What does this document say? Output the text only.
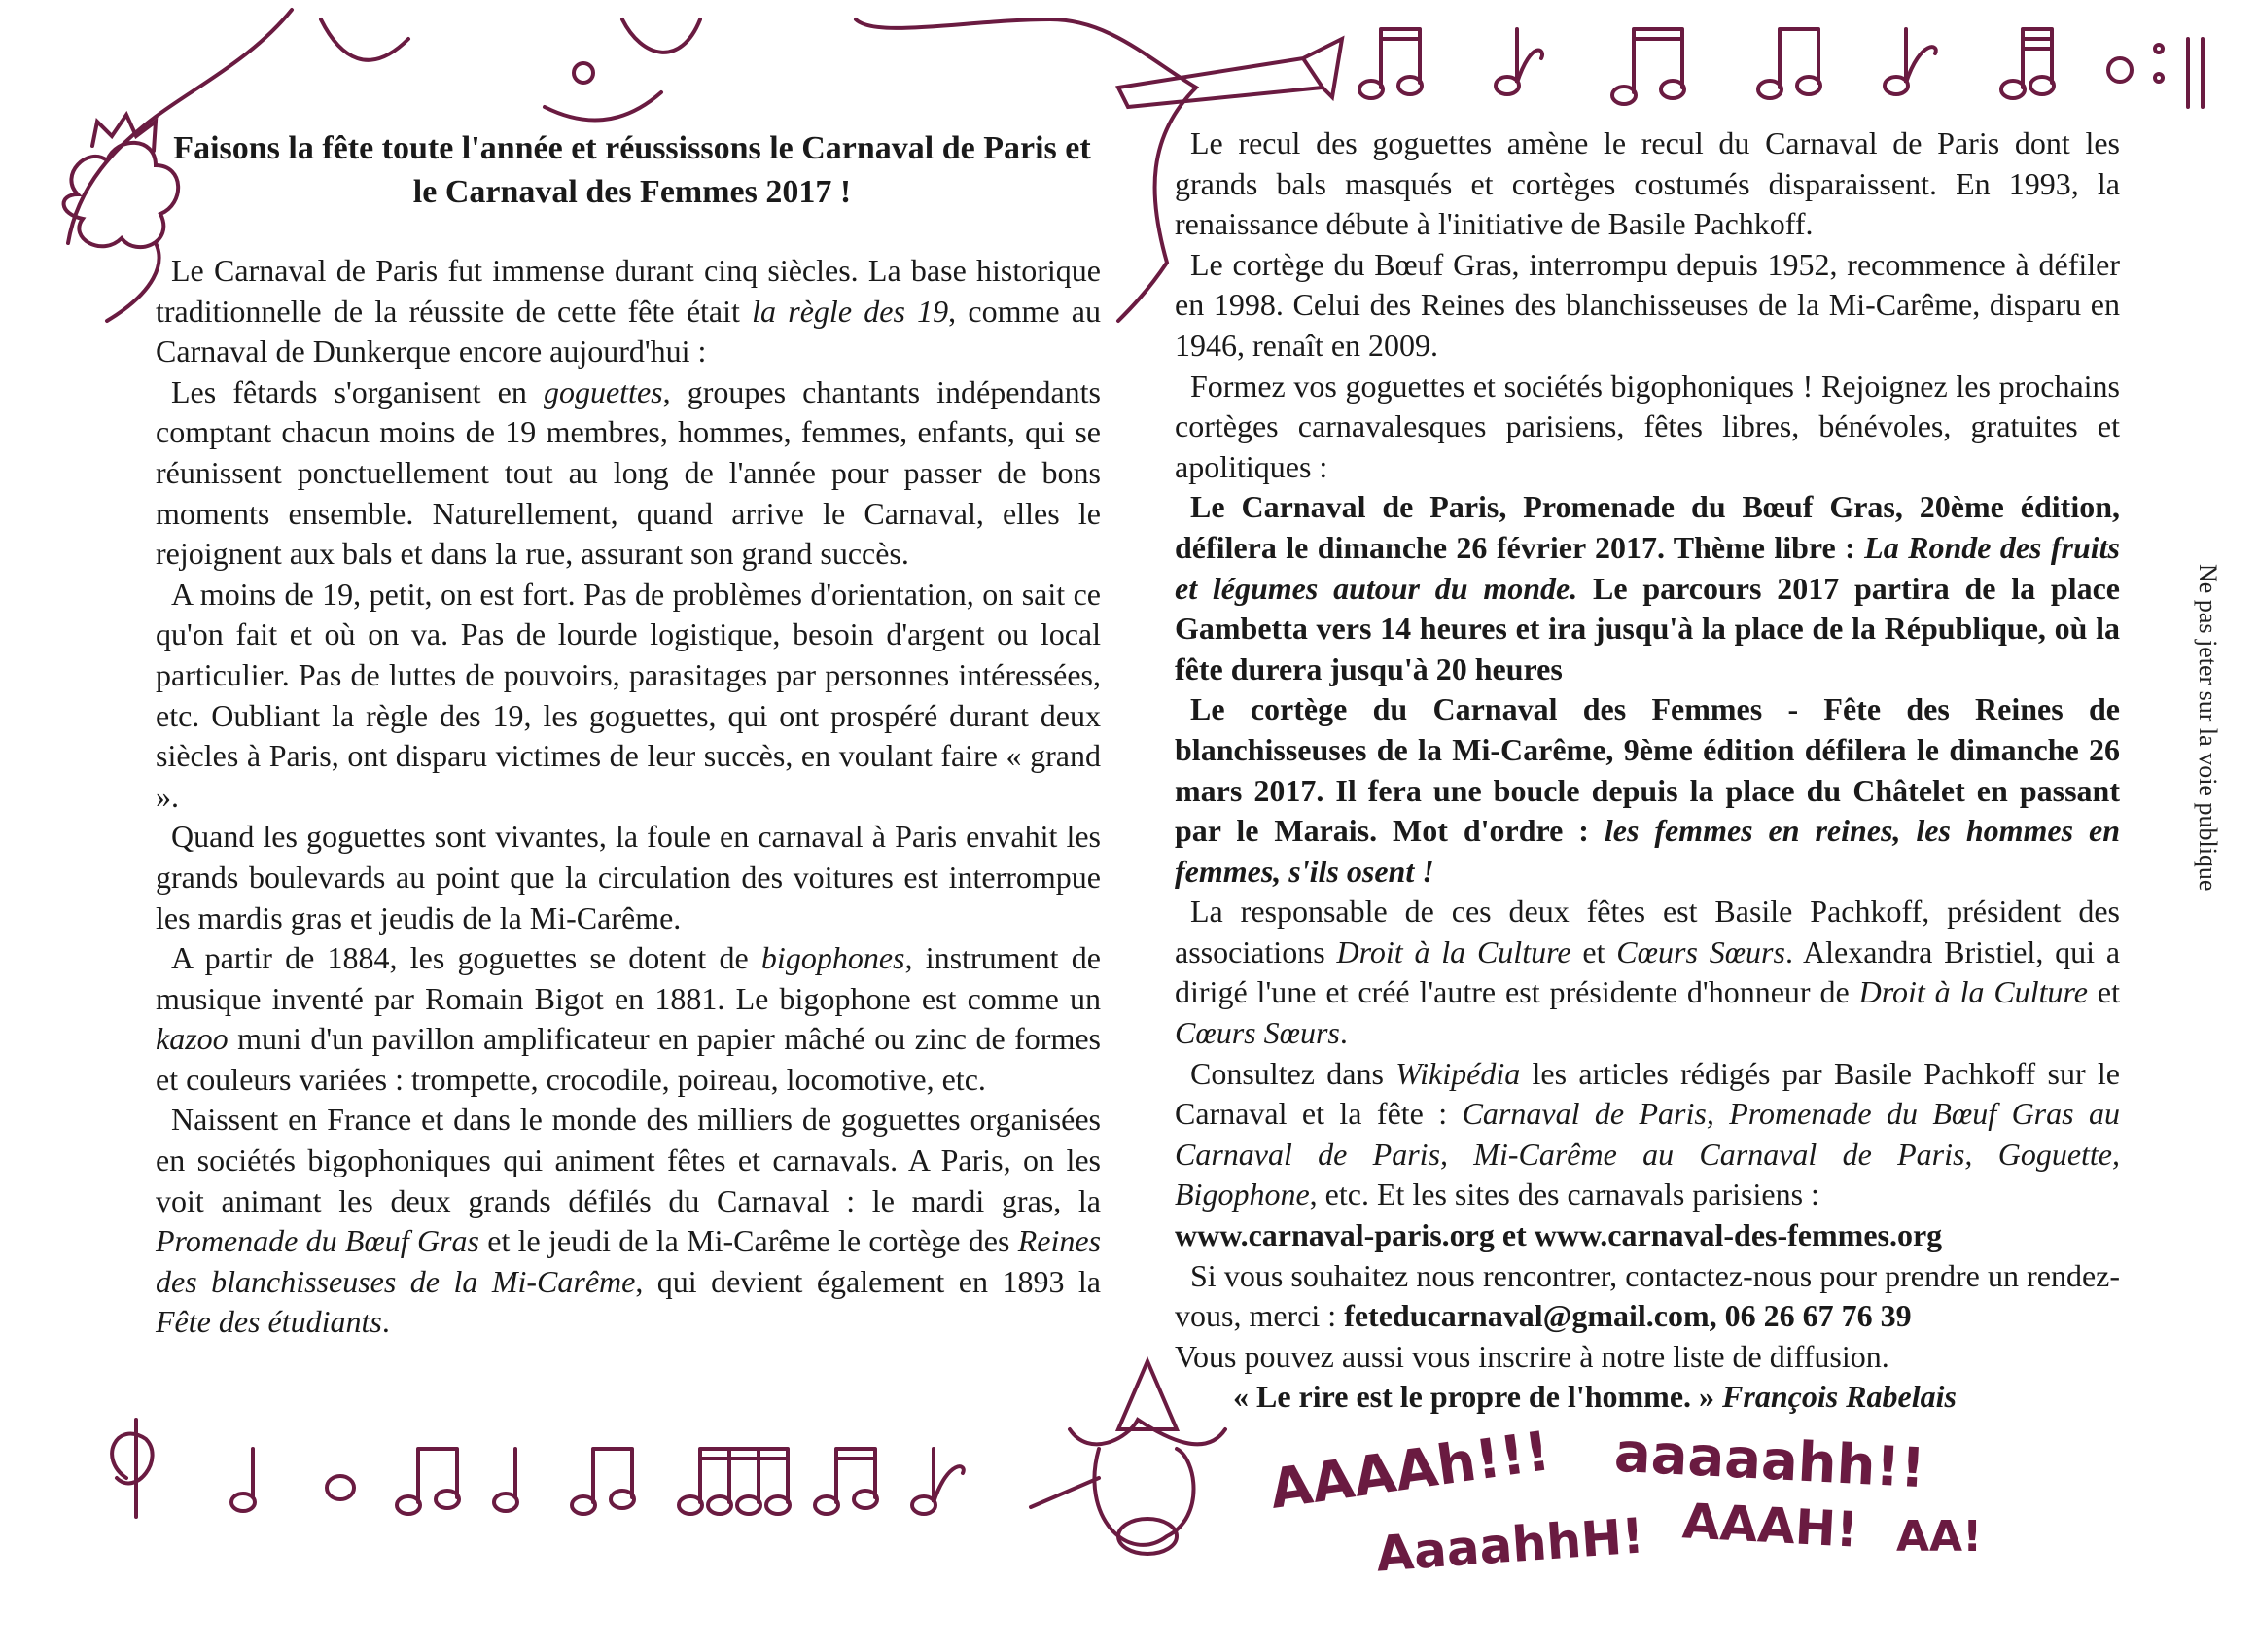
Faisons la fête toute l'année et réussissons le Carnaval de Paris et le Carnaval des Femmes 2017 !

Le Carnaval de Paris fut immense durant cinq siècles. La base historique traditionnelle de la réussite de cette fête était la règle des 19, comme au Carnaval de Dunkerque encore aujourd'hui :

Les fêtards s'organisent en goguettes, groupes chantants indépendants comptant chacun moins de 19 membres, hommes, femmes, enfants, qui se réunissent ponctuellement tout au long de l'année pour passer de bons moments ensemble. Naturellement, quand arrive le Carnaval, elles le rejoignent aux bals et dans la rue, assurant son grand succès.

A moins de 19, petit, on est fort. Pas de problèmes d'orientation, on sait ce qu'on fait et où on va. Pas de lourde logistique, besoin d'argent ou local particulier. Pas de luttes de pouvoirs, parasitages par personnes intéressées, etc. Oubliant la règle des 19, les goguettes, qui ont prospéré durant deux siècles à Paris, ont disparu victimes de leur succès, en voulant faire « grand ».

Quand les goguettes sont vivantes, la foule en carnaval à Paris envahit les grands boulevards au point que la circulation des voitures est interrompue les mardis gras et jeudis de la Mi-Carême.

A partir de 1884, les goguettes se dotent de bigophones, instrument de musique inventé par Romain Bigot en 1881. Le bigophone est comme un kazoo muni d'un pavillon amplificateur en papier mâché ou zinc de formes et couleurs variées : trompette, crocodile, poireau, locomotive, etc.

Naissent en France et dans le monde des milliers de goguettes organisées en sociétés bigophoniques qui animent fêtes et carnavals. A Paris, on les voit animant les deux grands défilés du Carnaval : le mardi gras, la Promenade du Bœuf Gras et le jeudi de la Mi-Carême le cortège des Reines des blanchisseuses de la Mi-Carême, qui devient également en 1893 la Fête des étudiants.

Le recul des goguettes amène le recul du Carnaval de Paris dont les grands bals masqués et cortèges costumés disparaissent. En 1993, la renaissance débute à l'initiative de Basile Pachkoff.

Le cortège du Bœuf Gras, interrompu depuis 1952, recommence à défiler en 1998. Celui des Reines des blanchisseuses de la Mi-Carême, disparu en 1946, renaît en 2009.

Formez vos goguettes et sociétés bigophoniques ! Rejoignez les prochains cortèges carnavalesques parisiens, fêtes libres, bénévoles, gratuites et apolitiques :

Le Carnaval de Paris, Promenade du Bœuf Gras, 20ème édition, défilera le dimanche 26 février 2017. Thème libre : La Ronde des fruits et légumes autour du monde. Le parcours 2017 partira de la place Gambetta vers 14 heures et ira jusqu'à la place de la République, où la fête durera jusqu'à 20 heures

Le cortège du Carnaval des Femmes - Fête des Reines de blanchisseuses de la Mi-Carême, 9ème édition défilera le dimanche 26 mars 2017. Il fera une boucle depuis la place du Châtelet en passant par le Marais. Mot d'ordre : les femmes en reines, les hommes en femmes, s'ils osent !

La responsable de ces deux fêtes est Basile Pachkoff, président des associations Droit à la Culture et Cœurs Sœurs. Alexandra Bristiel, qui a dirigé l'une et créé l'autre est présidente d'honneur de Droit à la Culture et Cœurs Sœurs.

Consultez dans Wikipédia les articles rédigés par Basile Pachkoff sur le Carnaval et la fête : Carnaval de Paris, Promenade du Bœuf Gras au Carnaval de Paris, Mi-Carême au Carnaval de Paris, Goguette, Bigophone, etc. Et les sites des carnavals parisiens :
www.carnaval-paris.org et www.carnaval-des-femmes.org

Si vous souhaitez nous rencontrer, contactez-nous pour prendre un rendez-vous, merci : feteducarnaval@gmail.com, 06 26 67 76 39
Vous pouvez aussi vous inscrire à notre liste de diffusion.

« Le rire est le propre de l'homme. » François Rabelais

Ne pas jeter sur la voie publique
AAAAh!!! aaaaahh!!
AaaahhH! AAAH! AA!
